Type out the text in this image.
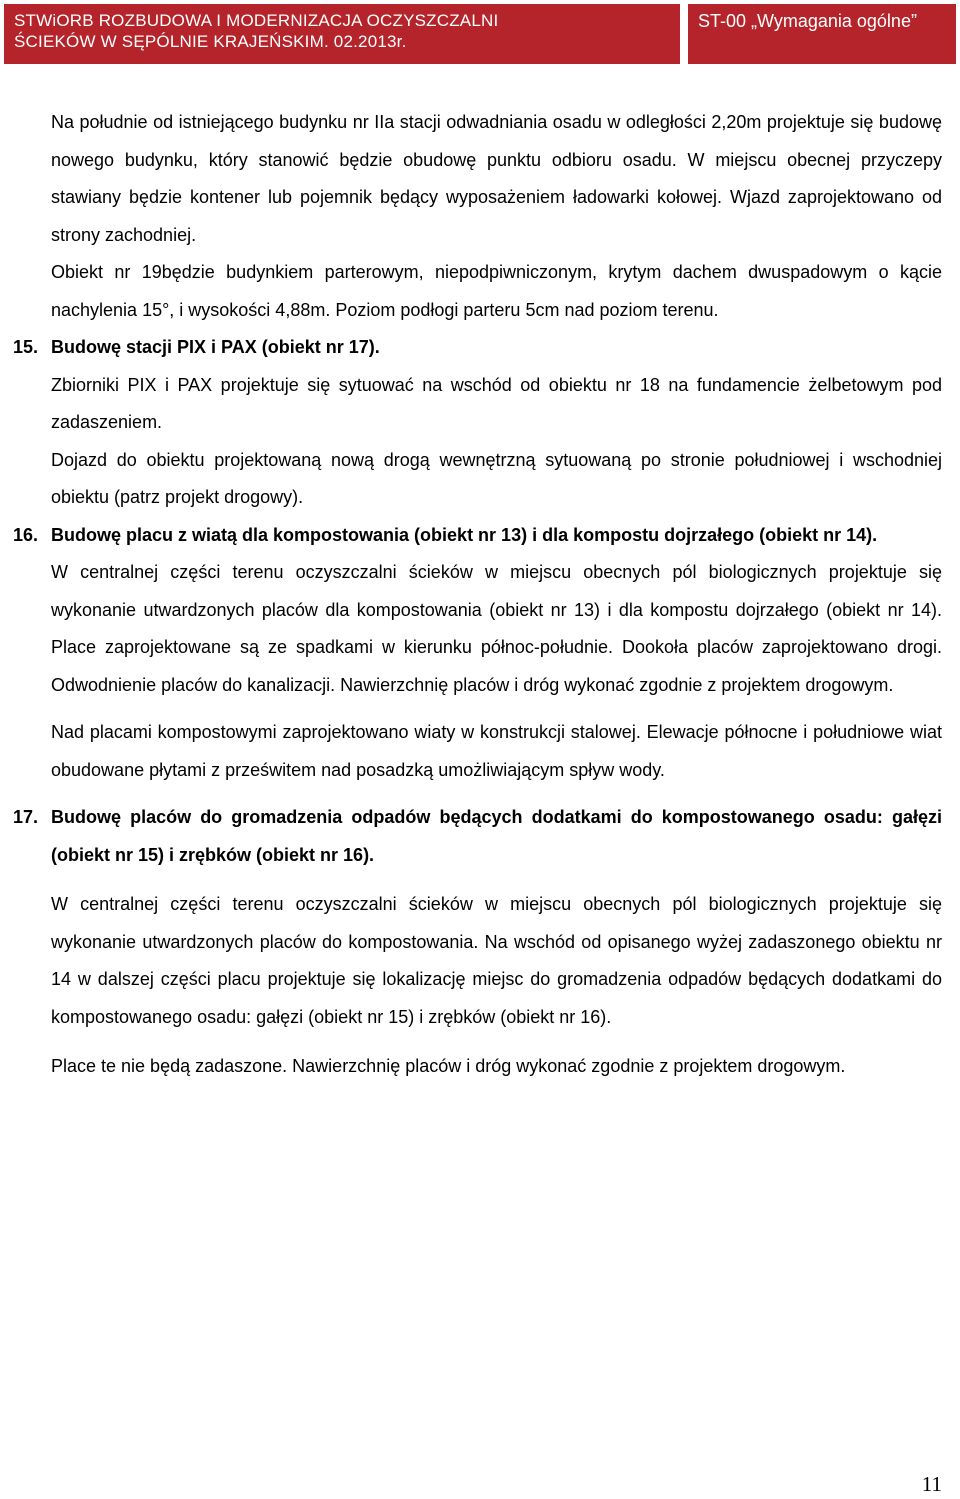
STWiORB ROZBUDOWA I MODERNIZACJA OCZYSZCZALNI
ŚCIEKÓW W SĘPÓLNIE KRAJEŃSKIM. 02.2013r.
ST-00 „Wymagania ogólne”

Na południe od istniejącego budynku nr IIa stacji odwadniania osadu w odległości 2,20m projektuje się budowę nowego budynku, który stanowić będzie obudowę punktu odbioru osadu. W miejscu obecnej przyczepy stawiany będzie kontener lub pojemnik będący wyposażeniem ładowarki kołowej. Wjazd zaprojektowano od strony zachodniej.

Obiekt nr 19będzie budynkiem parterowym, niepodpiwniczonym, krytym dachem dwuspadowym o kącie nachylenia 15°, i wysokości 4,88m. Poziom podłogi parteru 5cm nad poziom terenu.

15. Budowę stacji PIX i PAX (obiekt nr 17).

Zbiorniki PIX i PAX projektuje się sytuować na wschód od obiektu nr 18 na fundamencie żelbetowym pod zadaszeniem.

Dojazd do obiektu projektowaną nową drogą wewnętrzną sytuowaną po stronie południowej i wschodniej obiektu (patrz projekt drogowy).

16. Budowę placu z wiatą dla kompostowania (obiekt nr 13) i dla kompostu dojrzałego (obiekt nr 14).

W centralnej części terenu oczyszczalni ścieków w miejscu obecnych pól biologicznych projektuje się wykonanie utwardzonych placów dla kompostowania (obiekt nr 13) i dla kompostu dojrzałego (obiekt nr 14). Place zaprojektowane są ze spadkami w kierunku północ-południe. Dookoła placów zaprojektowano drogi. Odwodnienie placów do kanalizacji. Nawierzchnię placów i dróg wykonać zgodnie z projektem drogowym.

Nad placami kompostowymi zaprojektowano wiaty w konstrukcji stalowej. Elewacje północne i południowe wiat obudowane płytami z prześwitem nad posadzką umożliwiającym spływ wody.

17. Budowę placów do gromadzenia odpadów będących dodatkami do kompostowanego osadu: gałęzi (obiekt nr 15) i zrębków (obiekt nr 16).

W centralnej części terenu oczyszczalni ścieków w miejscu obecnych pól biologicznych projektuje się wykonanie utwardzonych placów do kompostowania. Na wschód od opisanego wyżej zadaszonego obiektu nr 14 w dalszej części placu projektuje się lokalizację miejsc do gromadzenia odpadów będących dodatkami do kompostowanego osadu: gałęzi (obiekt nr 15) i zrębków (obiekt nr 16).

Place te nie będą zadaszone. Nawierzchnię placów i dróg wykonać zgodnie z projektem drogowym.

11
